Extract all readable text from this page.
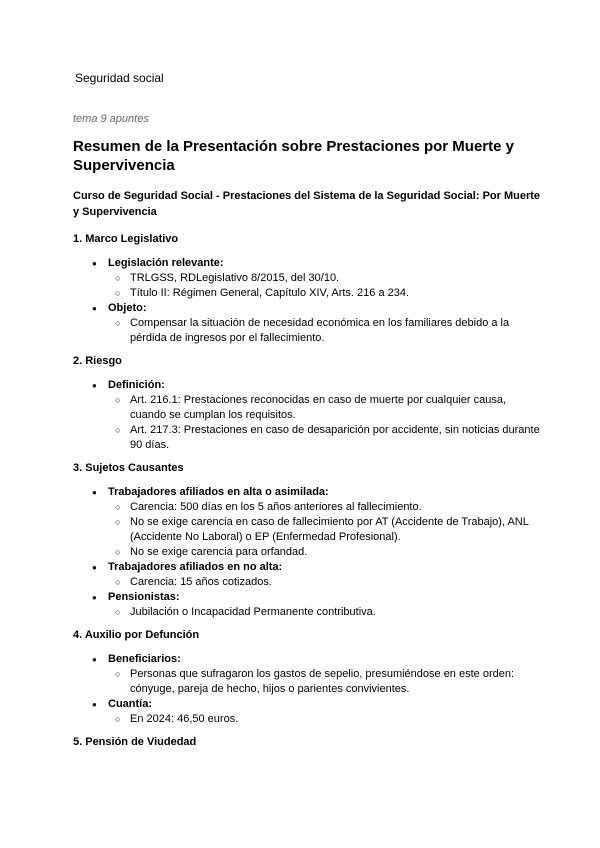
Seguridad social
tema 9 apuntes
Resumen de la Presentación sobre Prestaciones por Muerte y Supervivencia
Curso de Seguridad Social - Prestaciones del Sistema de la Seguridad Social: Por Muerte y Supervivencia
1. Marco Legislativo
● Legislación relevante:
○ TRLGSS, RDLegislativo 8/2015, del 30/10.
○ Título II: Régimen General, Capítulo XIV, Arts. 216 a 234.
● Objeto:
○ Compensar la situación de necesidad económica en los familiares debido a la pérdida de ingresos por el fallecimiento.
2. Riesgo
● Definición:
○ Art. 216.1: Prestaciones reconocidas en caso de muerte por cualquier causa, cuando se cumplan los requisitos.
○ Art. 217.3: Prestaciones en caso de desaparición por accidente, sin noticias durante 90 días.
3. Sujetos Causantes
● Trabajadores afiliados en alta o asimilada:
○ Carencia: 500 días en los 5 años anteriores al fallecimiento.
○ No se exige carencia en caso de fallecimiento por AT (Accidente de Trabajo), ANL (Accidente No Laboral) o EP (Enfermedad Profesional).
○ No se exige carencia para orfandad.
● Trabajadores afiliados en no alta:
○ Carencia: 15 años cotizados.
● Pensionistas:
○ Jubilación o Incapacidad Permanente contributiva.
4. Auxilio por Defunción
● Beneficiarios:
○ Personas que sufragaron los gastos de sepelio, presumiéndose en este orden: cónyuge, pareja de hecho, hijos o parientes convivientes.
● Cuantía:
○ En 2024: 46,50 euros.
5. Pensión de Viudedad
